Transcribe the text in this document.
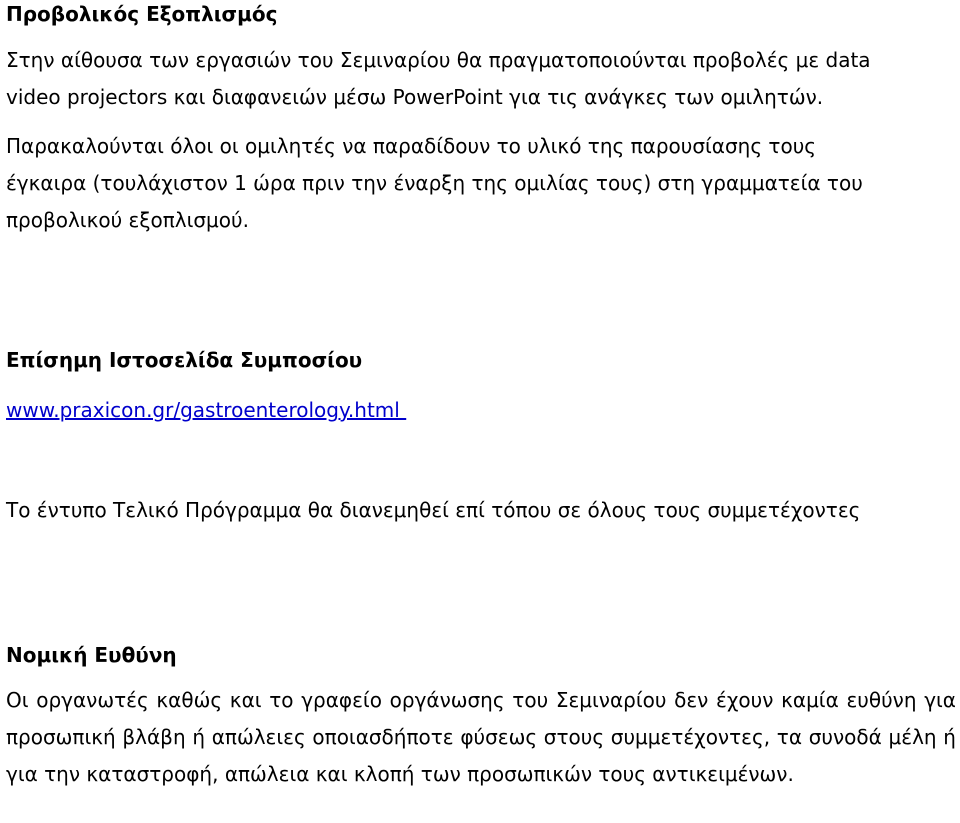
Προβολικός Εξοπλισμός
Στην αίθουσα των εργασιών του Σεμιναρίου θα πραγματοποιούνται προβολές με data
video projectors και διαφανειών μέσω PowerPoint για τις ανάγκες των ομιλητών.
Παρακαλούνται όλοι οι ομιλητές να παραδίδουν το υλικό της παρουσίασης τους
έγκαιρα (τουλάχιστον 1 ώρα πριν την έναρξη της ομιλίας τους) στη γραμματεία του
προβολικού εξοπλισμού.
Επίσημη Ιστοσελίδα Συμποσίου
www.praxicon.gr/gastroenterology.html
Το έντυπο Τελικό Πρόγραμμα θα διανεμηθεί επί τόπου σε όλους τους συμμετέχοντες
Νομική Ευθύνη
Οι οργανωτές καθώς και το γραφείο οργάνωσης του Σεμιναρίου δεν έχουν καμία ευθύνη για προσωπική βλάβη ή απώλειες οποιασδήποτε φύσεως στους συμμετέχοντες, τα συνοδά μέλη ή για την καταστροφή, απώλεια και κλοπή των προσωπικών τους αντικειμένων.
